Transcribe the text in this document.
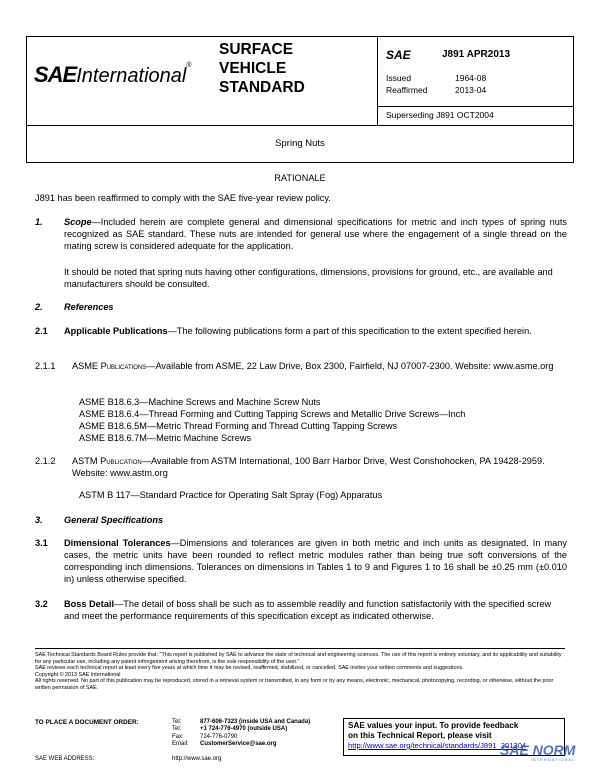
SAEInternational®
SURFACE
VEHICLE
STANDARD
SAE	J891 APR2013
Issued	1964-08
Reaffirmed	2013-04
Superseding J891 OCT2004
Spring Nuts
RATIONALE
J891 has been reaffirmed to comply with the SAE five-year review policy.
1. Scope—Included herein are complete general and dimensional specifications for metric and inch types of spring nuts recognized as SAE standard. These nuts are intended for general use where the engagement of a single thread on the mating screw is considered adequate for the application.
It should be noted that spring nuts having other configurations, dimensions, provisions for ground, etc., are available and manufacturers should be consulted.
2. References
2.1 Applicable Publications—The following publications form a part of this specification to the extent specified herein.
2.1.1 ASME Publications—Available from ASME, 22 Law Drive, Box 2300, Fairfield, NJ 07007-2300. Website: www.asme.org
ASME B18.6.3—Machine Screws and Machine Screw Nuts
ASME B18.6.4—Thread Forming and Cutting Tapping Screws and Metallic Drive Screws—Inch
ASME B18.6.5M—Metric Thread Forming and Thread Cutting Tapping Screws
ASME B18.6.7M—Metric Machine Screws
2.1.2 ASTM Publication—Available from ASTM International, 100 Barr Harbor Drive, West Conshohocken, PA 19428-2959. Website: www.astm.org
ASTM B 117—Standard Practice for Operating Salt Spray (Fog) Apparatus
3. General Specifications
3.1 Dimensional Tolerances—Dimensions and tolerances are given in both metric and inch units as designated. In many cases, the metric units have been rounded to reflect metric modules rather than being true soft conversions of the corresponding inch dimensions. Tolerances on dimensions in Tables 1 to 9 and Figures 1 to 16 shall be ±0.25 mm (±0.010 in) unless otherwise specified.
3.2 Boss Detail—The detail of boss shall be such as to assemble readily and function satisfactorily with the specified screw and meet the performance requirements of this specification except as indicated otherwise.
SAE Technical Standards Board Rules provide that: "This report is published by SAE to advance the state of technical and engineering sciences. The use of this report is entirely voluntary, and its applicability and suitability for any particular use, including any patent infringement arising therefrom, is the sole responsibility of the user."
SAE reviews each technical report at least every five years at which time it may be revised, reaffirmed, stabilized, or cancelled. SAE invites your written comments and suggestions.
Copyright © 2013 SAE International
All rights reserved. No part of this publication may be reproduced, stored in a retrieval system or transmitted, in any form or by any means, electronic, mechanical, photocopying, recording, or otherwise, without the prior written permission of SAE.
TO PLACE A DOCUMENT ORDER:	Tel:	877-606-7323 (inside USA and Canada)
Tel:	+1 724-776-4970 (outside USA)
Fax:	724-776-0790
Email: CustomerService@sae.org
SAE WEB ADDRESS:	http://www.sae.org
SAE values your input. To provide feedback
on this Technical Report, please visit
http://www.sae.org/technical/standards/J891_201304
SAE NORM
INTERNATIONAL
